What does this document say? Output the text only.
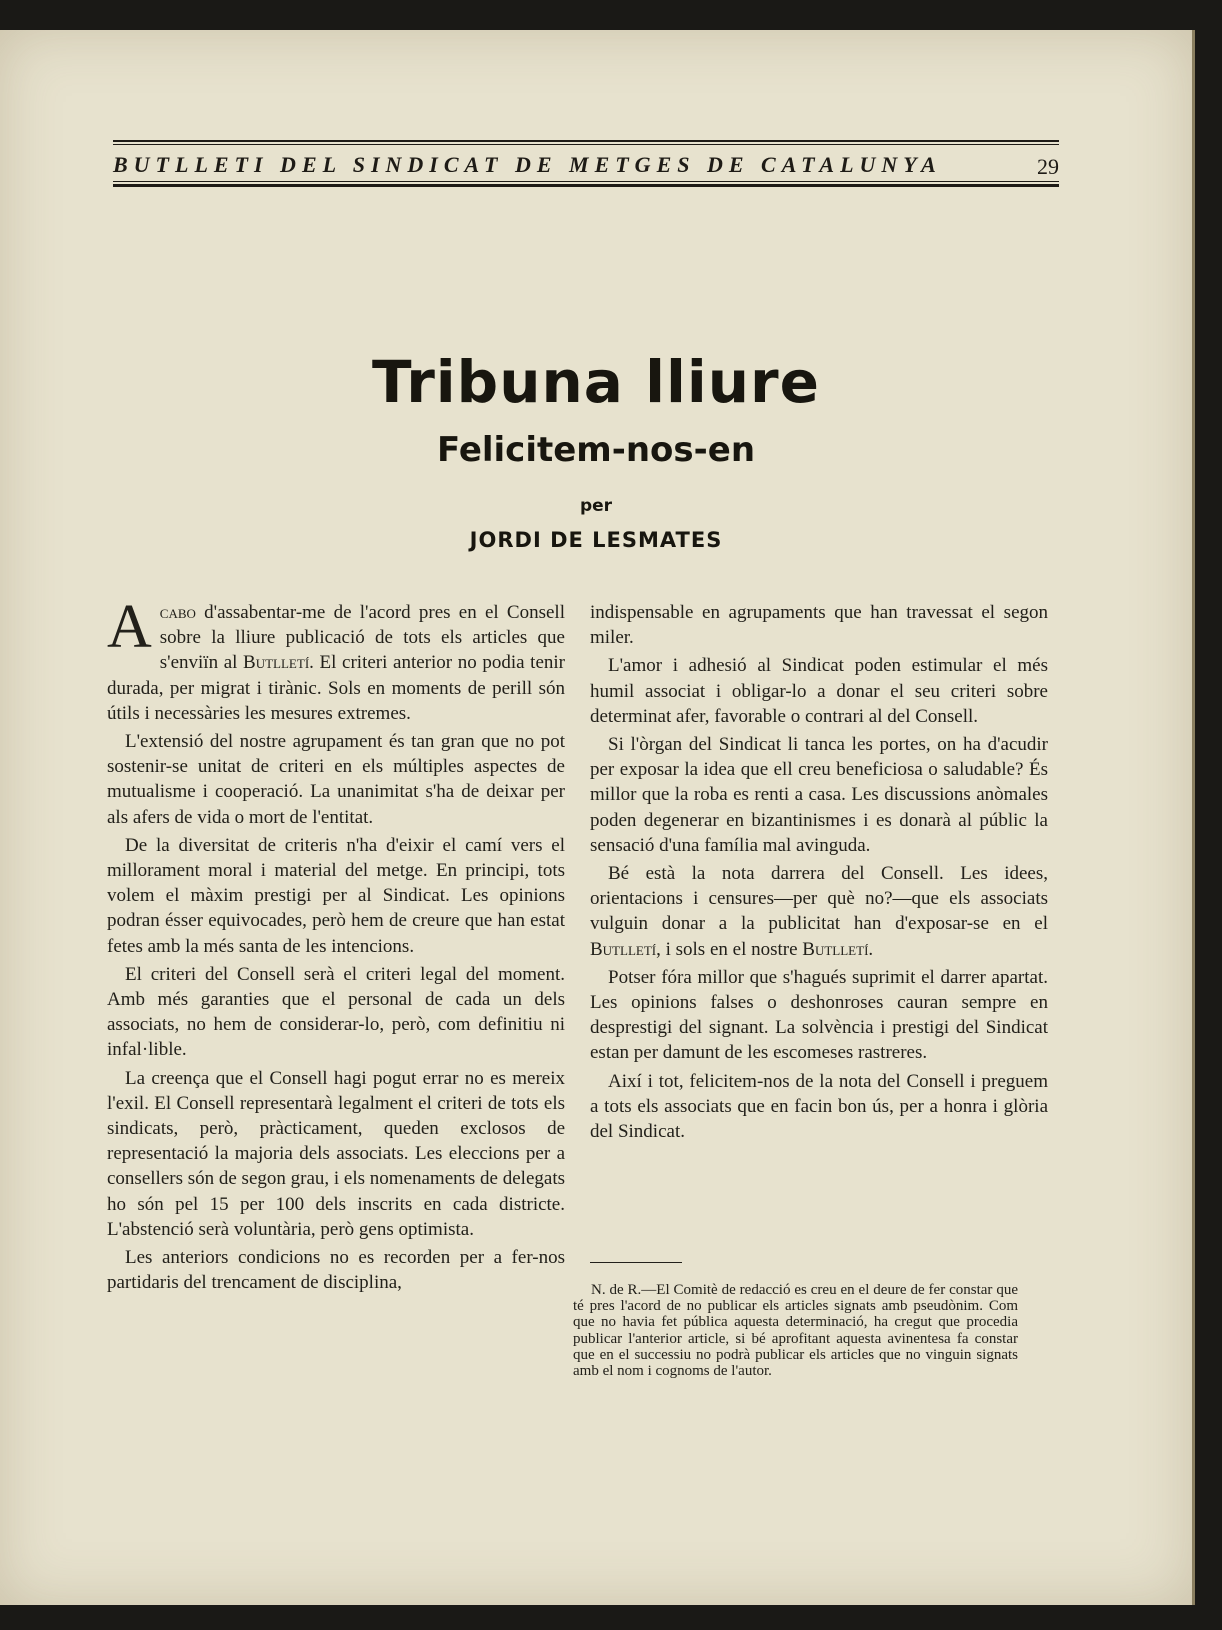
BUTLLETI DEL SINDICAT DE METGES DE CATALUNYA	29
Tribuna lliure
Felicitem-nos-en
per
JORDI DE LESMATES

Acabo d'assabentar-me de l'acord pres en el Consell sobre la lliure publicació de tots els articles que s'enviïn al Butlletí. El criteri anterior no podia tenir durada, per migrat i tirànic. Sols en moments de perill són útils i necessàries les mesures extremes.

L'extensió del nostre agrupament és tan gran que no pot sostenir-se unitat de criteri en els múltiples aspectes de mutualisme i cooperació. La unanimitat s'ha de deixar per als afers de vida o mort de l'entitat.

De la diversitat de criteris n'ha d'eixir el camí vers el millorament moral i material del metge. En principi, tots volem el màxim prestigi per al Sindicat. Les opinions podran ésser equivocades, però hem de creure que han estat fetes amb la més santa de les intencions.

El criteri del Consell serà el criteri legal del moment. Amb més garanties que el personal de cada un dels associats, no hem de considerar-lo, però, com definitiu ni infal·lible.

La creença que el Consell hagi pogut errar no es mereix l'exil. El Consell representarà legalment el criteri de tots els sindicats, però, pràcticament, queden exclosos de representació la majoria dels associats. Les eleccions per a consellers són de segon grau, i els nomenaments de delegats ho són pel 15 per 100 dels inscrits en cada districte. L'abstenció serà voluntària, però gens optimista.

Les anteriors condicions no es recorden per a fer-nos partidaris del trencament de disciplina,

indispensable en agrupaments que han travessat el segon miler.

L'amor i adhesió al Sindicat poden estimular el més humil associat i obligar-lo a donar el seu criteri sobre determinat afer, favorable o contrari al del Consell.

Si l'òrgan del Sindicat li tanca les portes, on ha d'acudir per exposar la idea que ell creu beneficiosa o saludable? És millor que la roba es renti a casa. Les discussions anòmales poden degenerar en bizantinismes i es donarà al públic la sensació d'una família mal avinguda.

Bé està la nota darrera del Consell. Les idees, orientacions i censures—per què no?—que els associats vulguin donar a la publicitat han d'exposar-se en el Butlletí, i sols en el nostre Butlletí.

Potser fóra millor que s'hagués suprimit el darrer apartat. Les opinions falses o deshonroses cauran sempre en desprestigi del signant. La solvència i prestigi del Sindicat estan per damunt de les escomeses rastreres.

Així i tot, felicitem-nos de la nota del Consell i preguem a tots els associats que en facin bon ús, per a honra i glòria del Sindicat.

N. de R.—El Comitè de redacció es creu en el deure de fer constar que té pres l'acord de no publicar els articles signats amb pseudònim. Com que no havia fet pública aquesta determinació, ha cregut que procedia publicar l'anterior article, si bé aprofitant aquesta avinentesa fa constar que en el successiu no podrà publicar els articles que no vinguin signats amb el nom i cognoms de l'autor.
